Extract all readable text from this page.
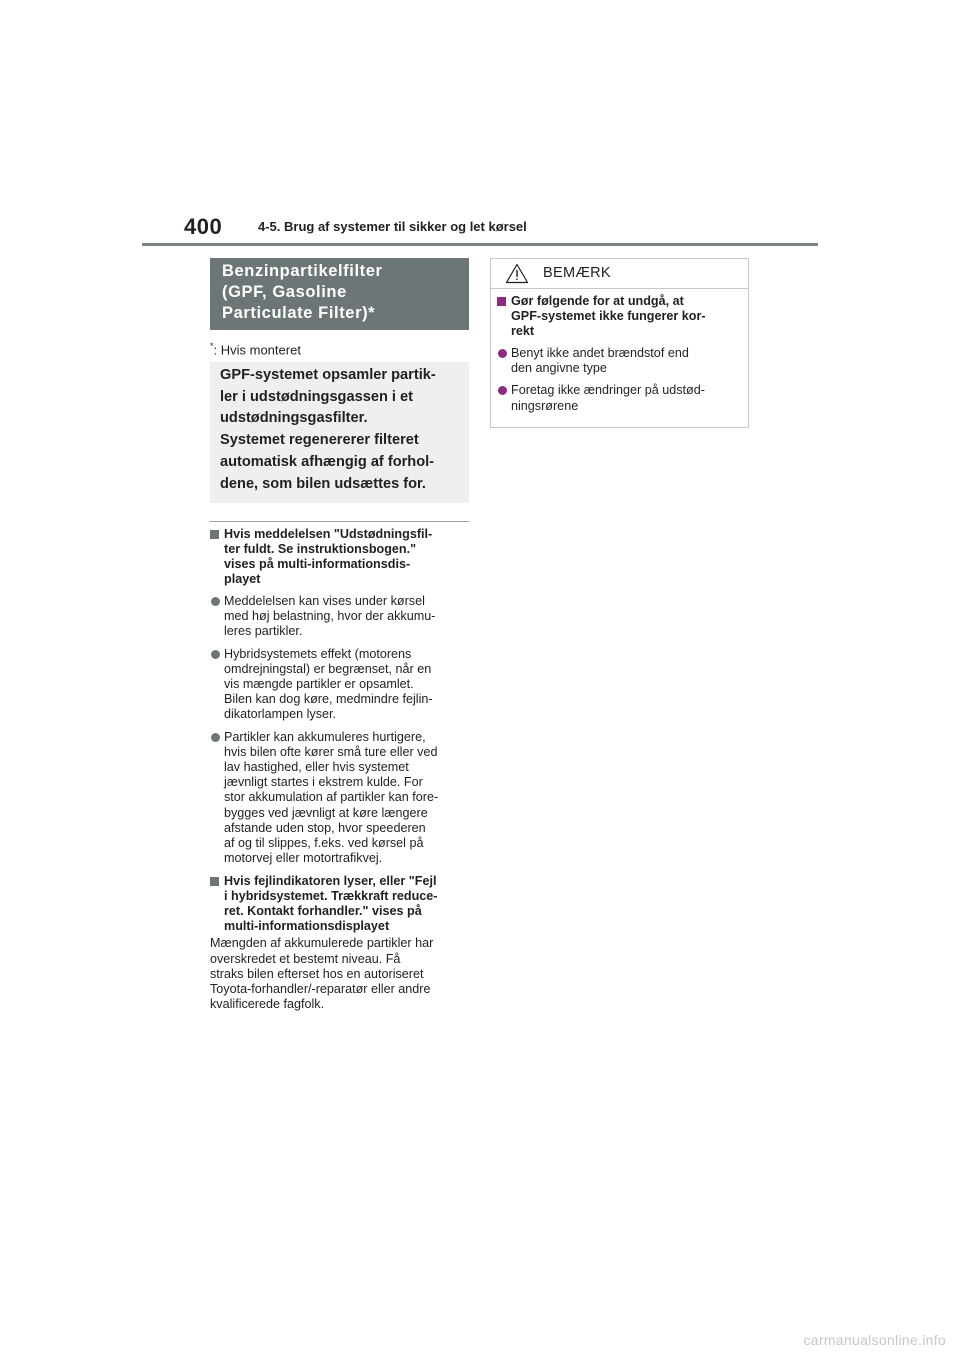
400	4-5. Brug af systemer til sikker og let kørsel
Benzinpartikelfilter
(GPF, Gasoline
Particulate Filter)*
*: Hvis monteret
GPF-systemet opsamler partik-
ler i udstødningsgassen i et
udstødningsgasfilter.
Systemet regenererer filteret
automatisk afhængig af forhol-
dene, som bilen udsættes for.
Hvis meddelelsen "Udstødningsfil-
ter fuldt. Se instruktionsbogen."
vises på multi-informationsdis-
playet
Meddelelsen kan vises under kørsel
med høj belastning, hvor der akkumu-
leres partikler.
Hybridsystemets effekt (motorens
omdrejningstal) er begrænset, når en
vis mængde partikler er opsamlet.
Bilen kan dog køre, medmindre fejlin-
dikatorlampen lyser.
Partikler kan akkumuleres hurtigere,
hvis bilen ofte kører små ture eller ved
lav hastighed, eller hvis systemet
jævnligt startes i ekstrem kulde. For
stor akkumulation af partikler kan fore-
bygges ved jævnligt at køre længere
afstande uden stop, hvor speederen
af og til slippes, f.eks. ved kørsel på
motorvej eller motortrafikvej.
Hvis fejlindikatoren lyser, eller "Fejl
i hybridsystemet. Trækkraft reduce-
ret. Kontakt forhandler." vises på
multi-informationsdisplayet
Mængden af akkumulerede partikler har
overskredet et bestemt niveau. Få
straks bilen efterset hos en autoriseret
Toyota-forhandler/-reparatør eller andre
kvalificerede fagfolk.
BEMÆRK
Gør følgende for at undgå, at
GPF-systemet ikke fungerer kor-
rekt
Benyt ikke andet brændstof end
den angivne type
Foretag ikke ændringer på udstød-
ningsrørene
carmanualsonline.info
